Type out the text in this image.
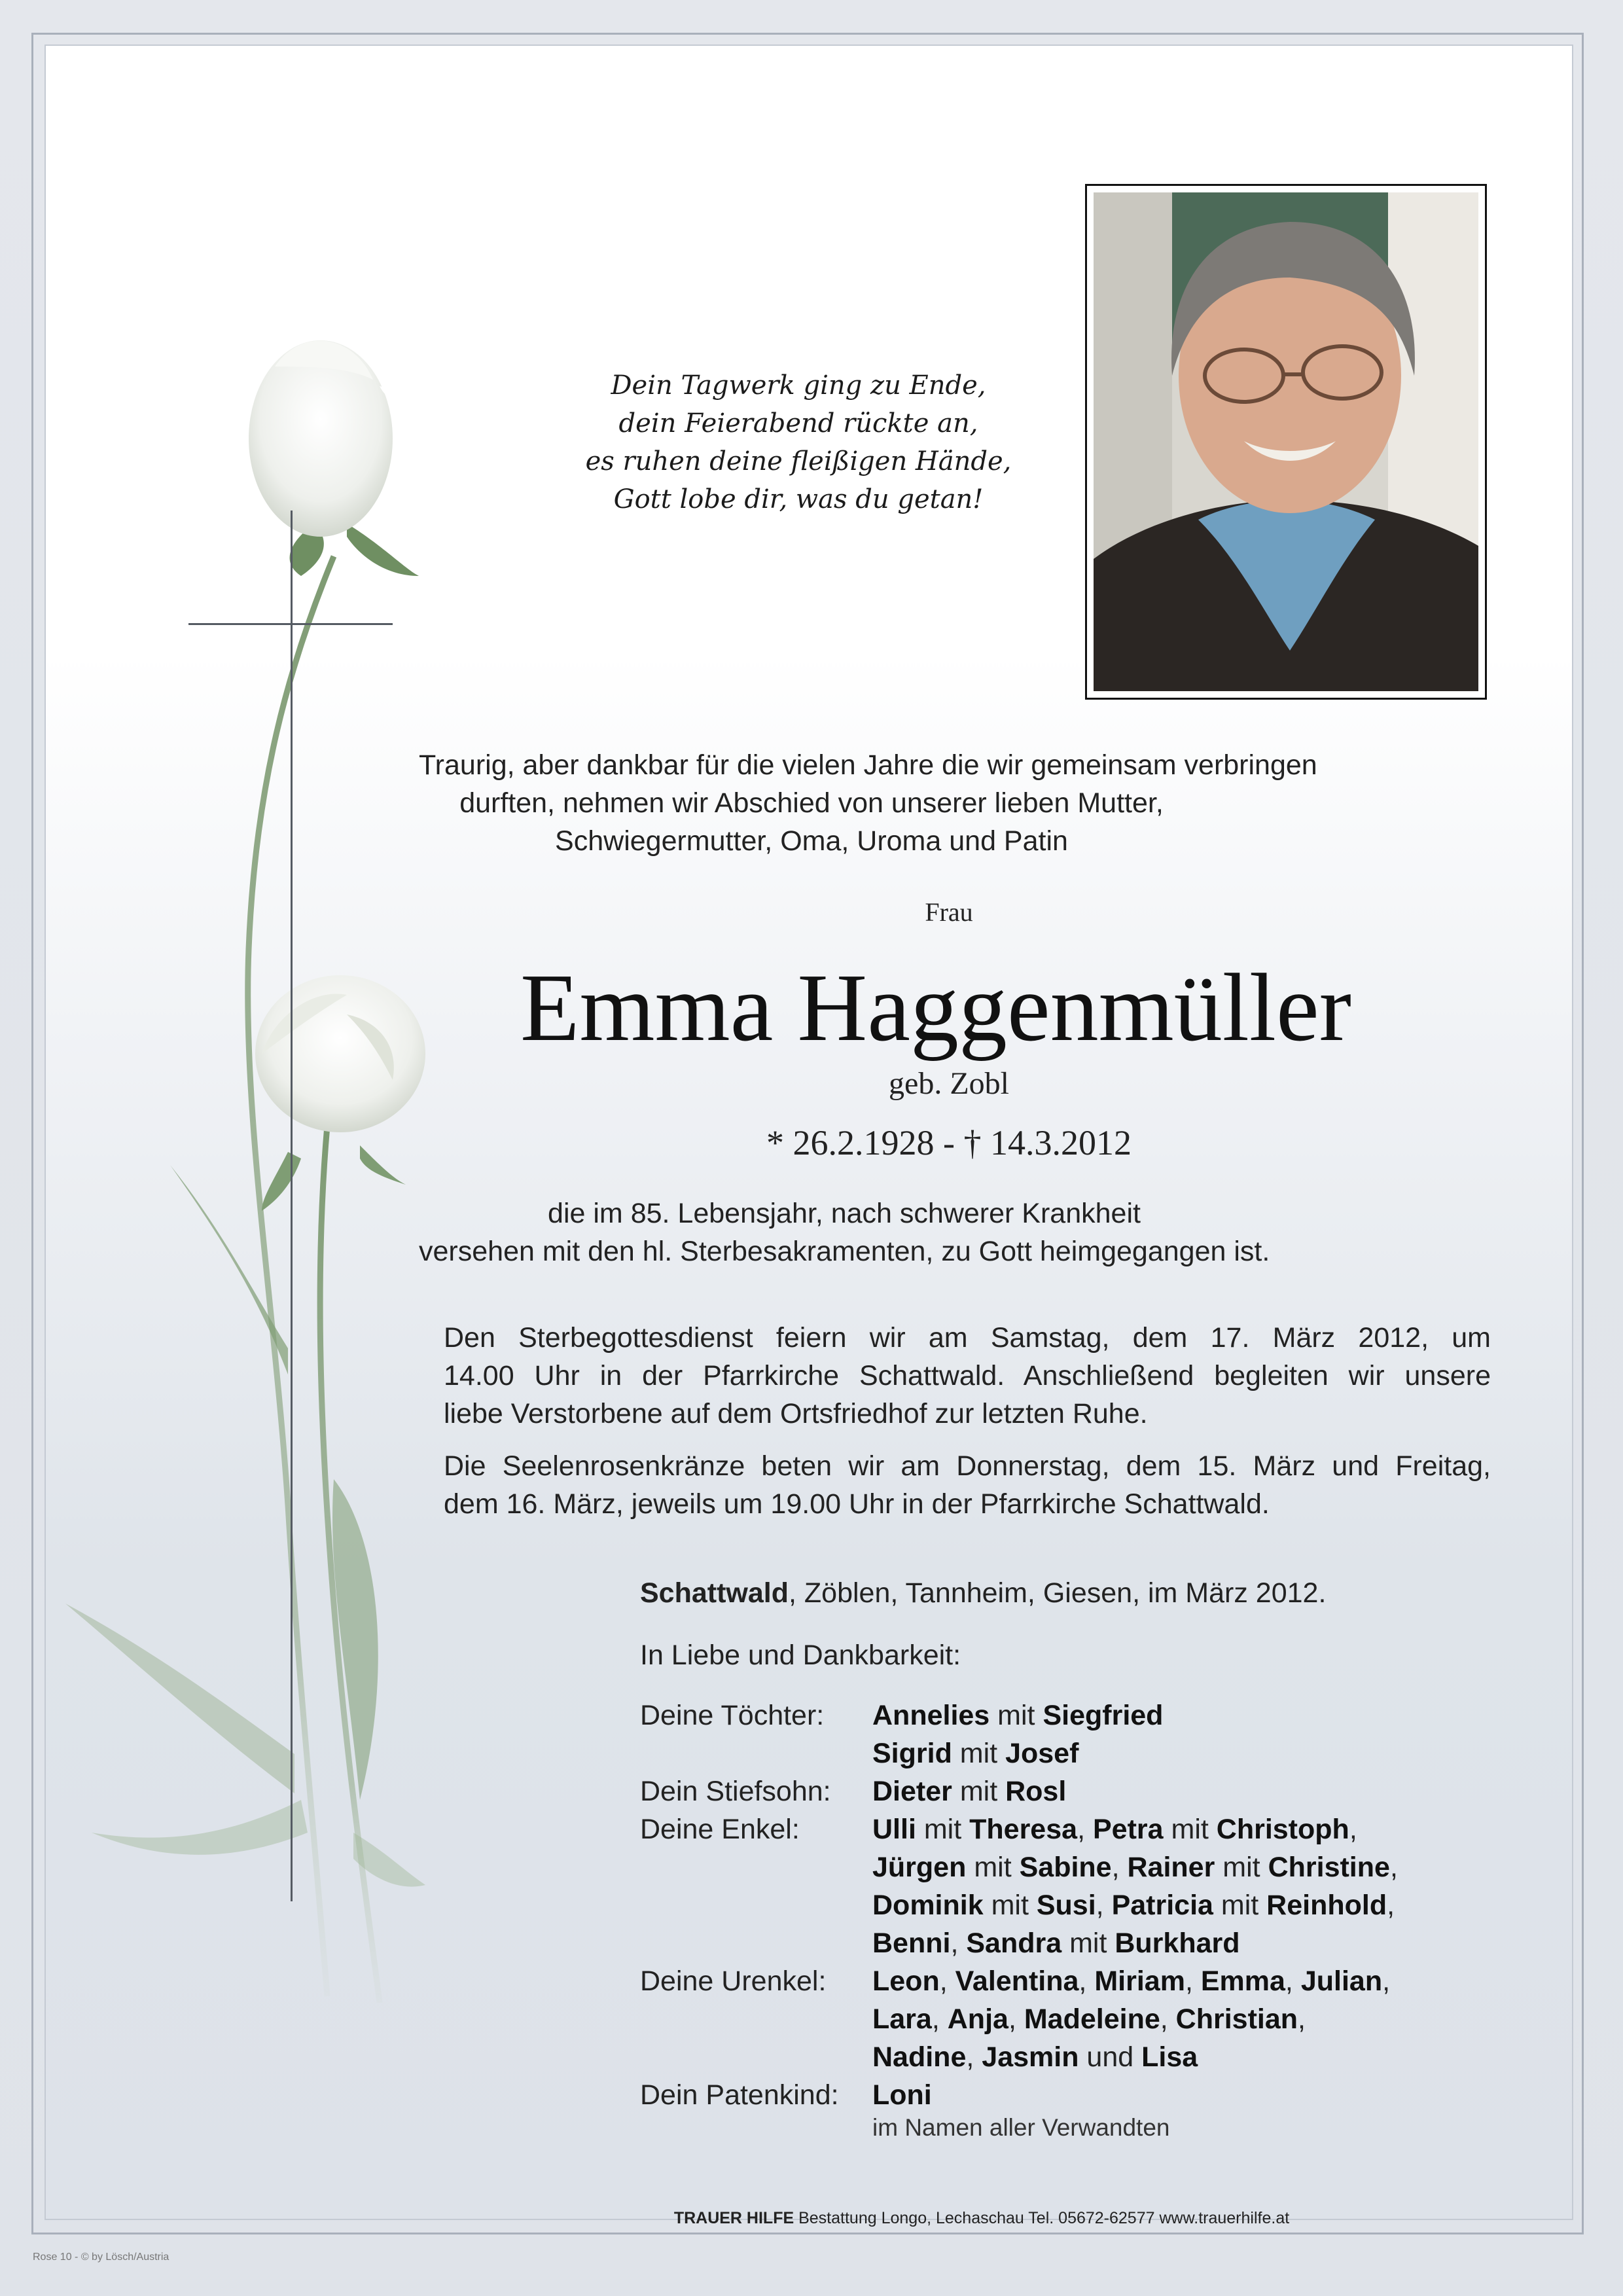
Dein Tagwerk ging zu Ende,
dein Feierabend rückte an,
es ruhen deine fleißigen Hände,
Gott lobe dir, was du getan!
Traurig, aber dankbar für die vielen Jahre die wir gemeinsam verbringen
durften, nehmen wir Abschied von unserer lieben Mutter,
Schwiegermutter, Oma, Uroma und Patin
Frau
Emma Haggenmüller
geb. Zobl
* 26.2.1928 - † 14.3.2012
die im 85. Lebensjahr, nach schwerer Krankheit
versehen mit den hl. Sterbesakramenten, zu Gott heimgegangen ist.
Den Sterbegottesdienst feiern wir am Samstag, dem 17. März 2012, um
14.00 Uhr in der Pfarrkirche Schattwald. Anschließend begleiten wir unsere
liebe Verstorbene auf dem Ortsfriedhof zur letzten Ruhe.
Die Seelenrosenkränze beten wir am Donnerstag, dem 15. März und Freitag,
dem 16. März, jeweils um 19.00 Uhr in der Pfarrkirche Schattwald.
Schattwald, Zöblen, Tannheim, Giesen, im März 2012.
In Liebe und Dankbarkeit:
Deine Töchter:	Annelies mit Siegfried
Sigrid mit Josef
Dein Stiefsohn:	Dieter mit Rosl
Deine Enkel:	Ulli mit Theresa, Petra mit Christoph,
Jürgen mit Sabine, Rainer mit Christine,
Dominik mit Susi, Patricia mit Reinhold,
Benni, Sandra mit Burkhard
Deine Urenkel:	Leon, Valentina, Miriam, Emma, Julian,
Lara, Anja, Madeleine, Christian,
Nadine, Jasmin und Lisa
Dein Patenkind:	Loni
im Namen aller Verwandten
TRAUER HILFE Bestattung Longo, Lechaschau Tel. 05672-62577 www.trauerhilfe.at
Rose 10 - © by Lösch/Austria
